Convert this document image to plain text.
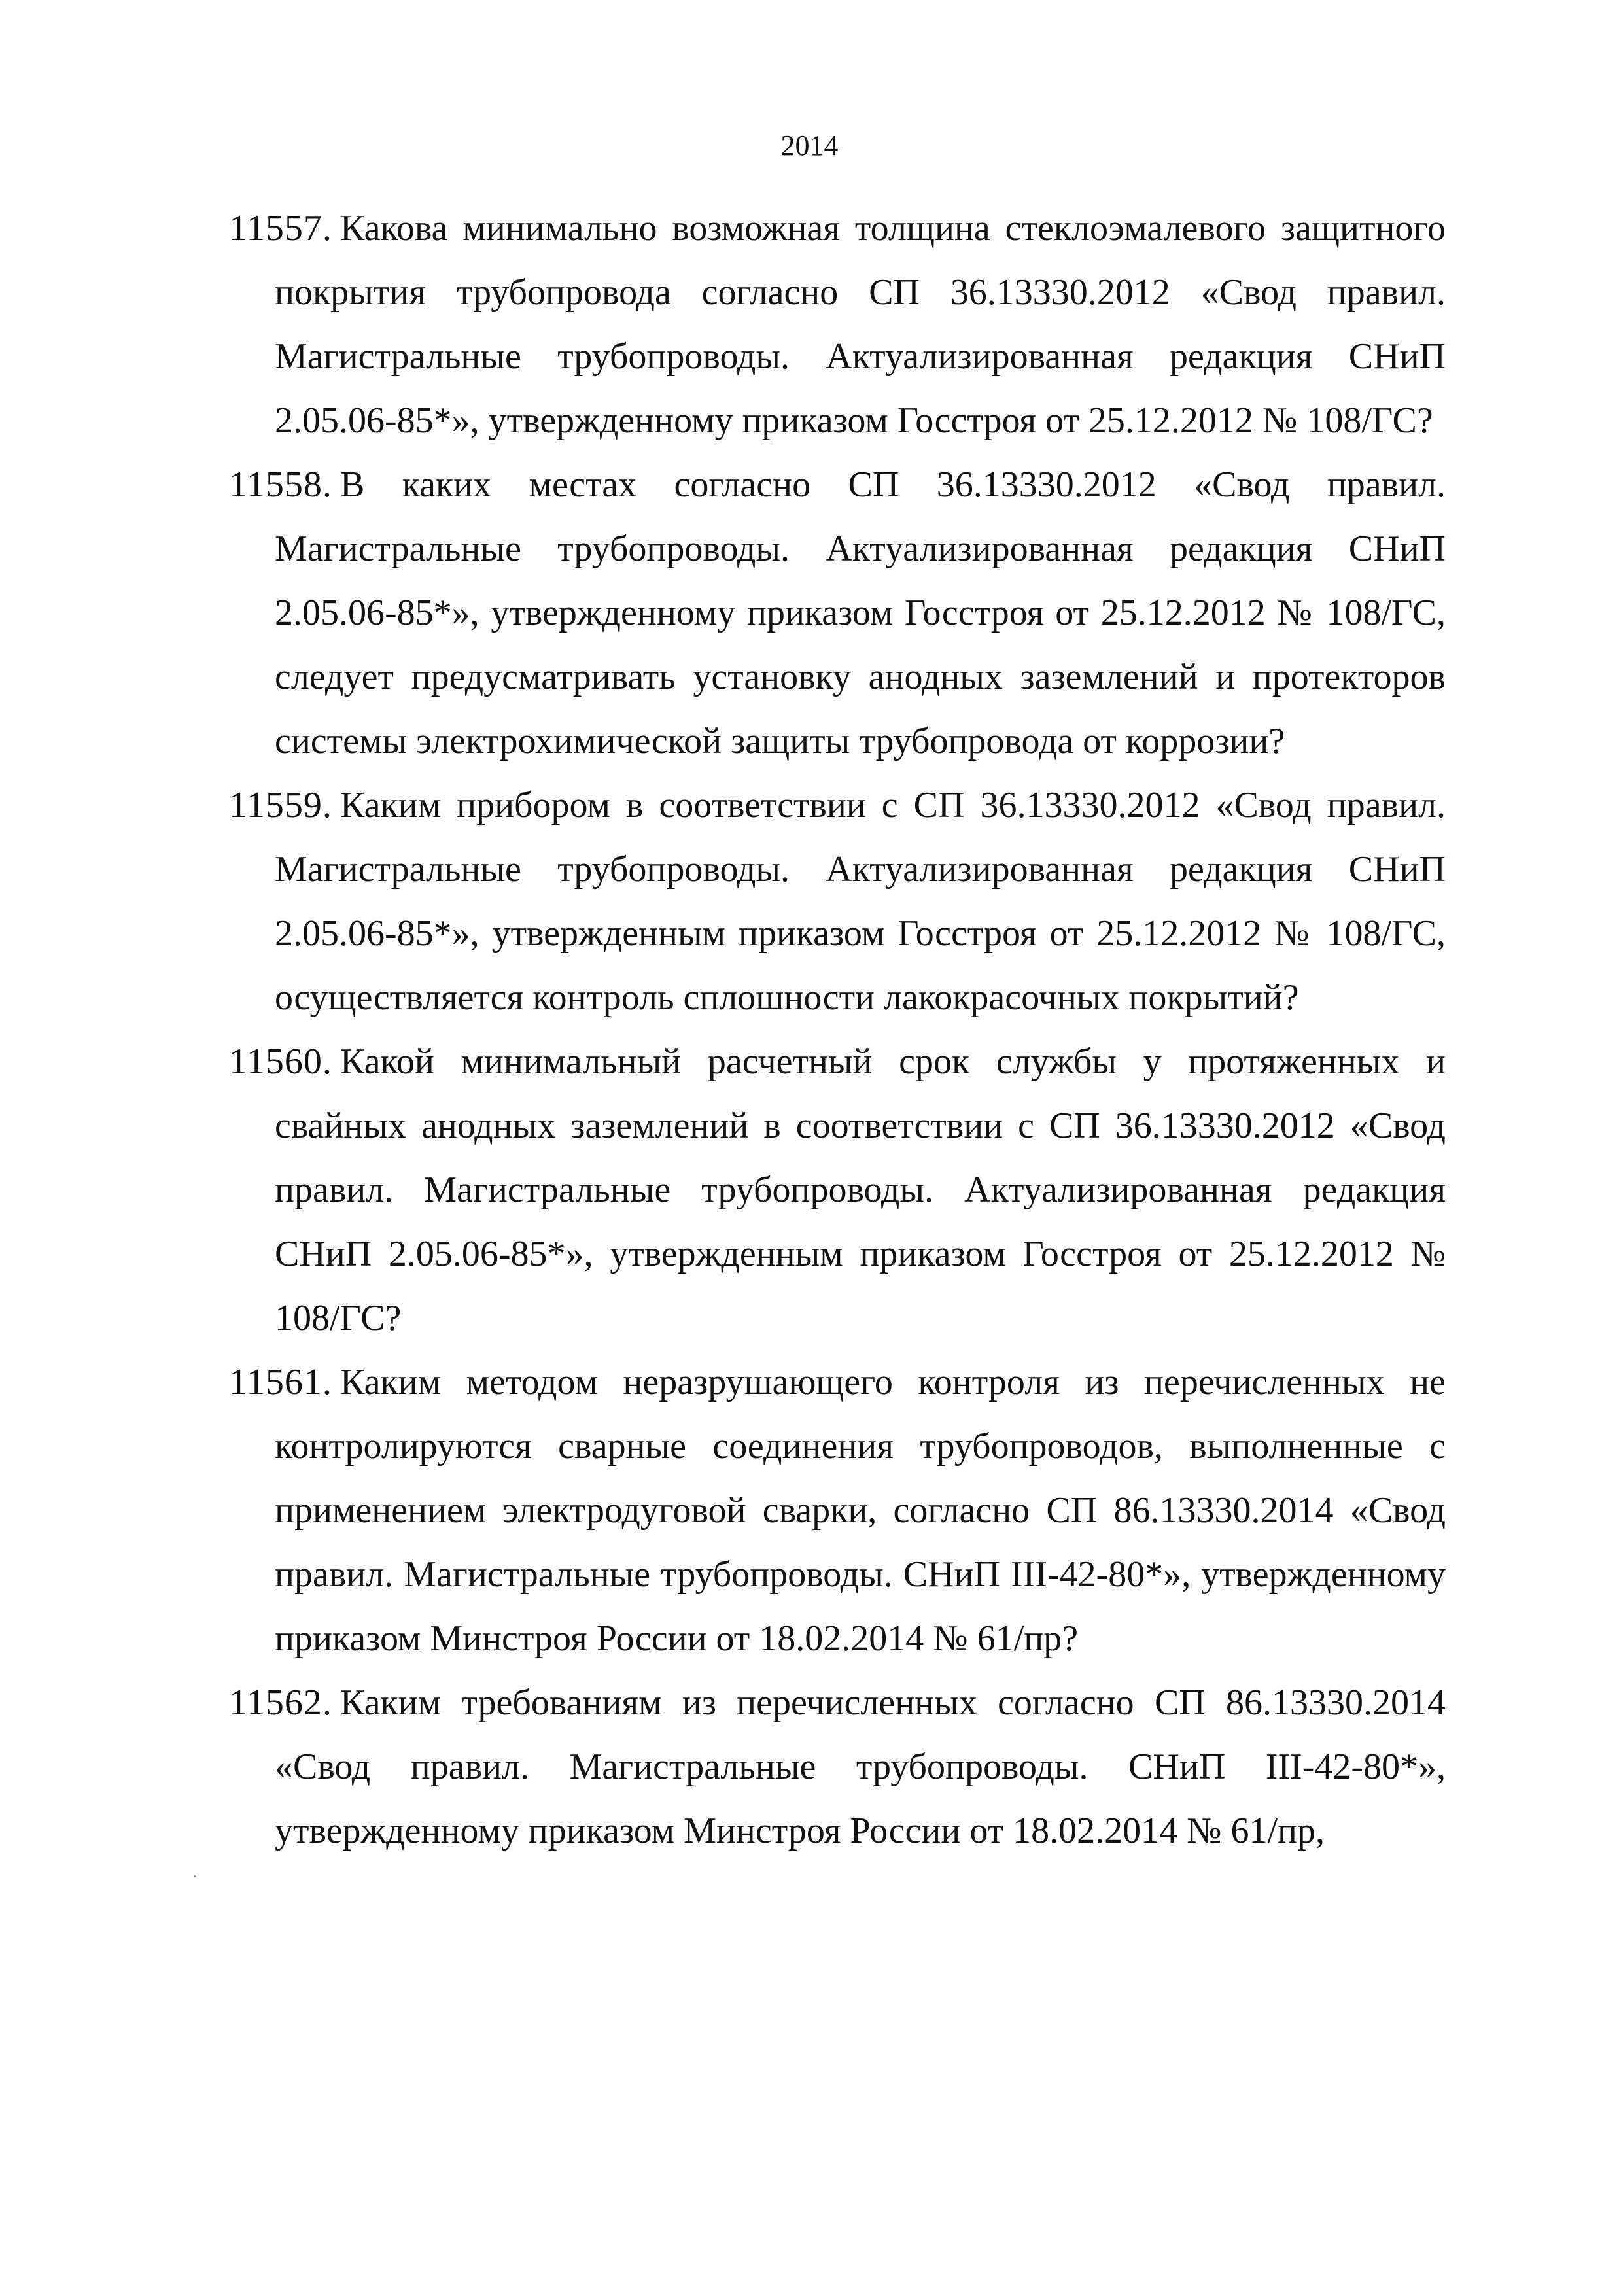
2014
11557. Какова минимально возможная толщина стеклоэмалевого защитного покрытия трубопровода согласно СП 36.13330.2012 «Свод правил. Магистральные трубопроводы. Актуализированная редакция СНиП 2.05.06-85*», утвержденному приказом Госстроя от 25.12.2012 № 108/ГС?
11558. В каких местах согласно СП 36.13330.2012 «Свод правил. Магистральные трубопроводы. Актуализированная редакция СНиП 2.05.06-85*», утвержденному приказом Госстроя от 25.12.2012 № 108/ГС, следует предусматривать установку анодных заземлений и протекторов системы электрохимической защиты трубопровода от коррозии?
11559. Каким прибором в соответствии с СП 36.13330.2012 «Свод правил. Магистральные трубопроводы. Актуализированная редакция СНиП 2.05.06-85*», утвержденным приказом Госстроя от 25.12.2012 № 108/ГС, осуществляется контроль сплошности лакокрасочных покрытий?
11560. Какой минимальный расчетный срок службы у протяженных и свайных анодных заземлений в соответствии с СП 36.13330.2012 «Свод правил. Магистральные трубопроводы. Актуализированная редакция СНиП 2.05.06-85*», утвержденным приказом Госстроя от 25.12.2012 № 108/ГС?
11561. Каким методом неразрушающего контроля из перечисленных не контролируются сварные соединения трубопроводов, выполненные с применением электродуговой сварки, согласно СП 86.13330.2014 «Свод правил. Магистральные трубопроводы. СНиП III-42-80*», утвержденному приказом Минстроя России от 18.02.2014 № 61/пр?
11562. Каким требованиям из перечисленных согласно СП 86.13330.2014 «Свод правил. Магистральные трубопроводы. СНиП III-42-80*», утвержденному приказом Минстроя России от 18.02.2014 № 61/пр,
